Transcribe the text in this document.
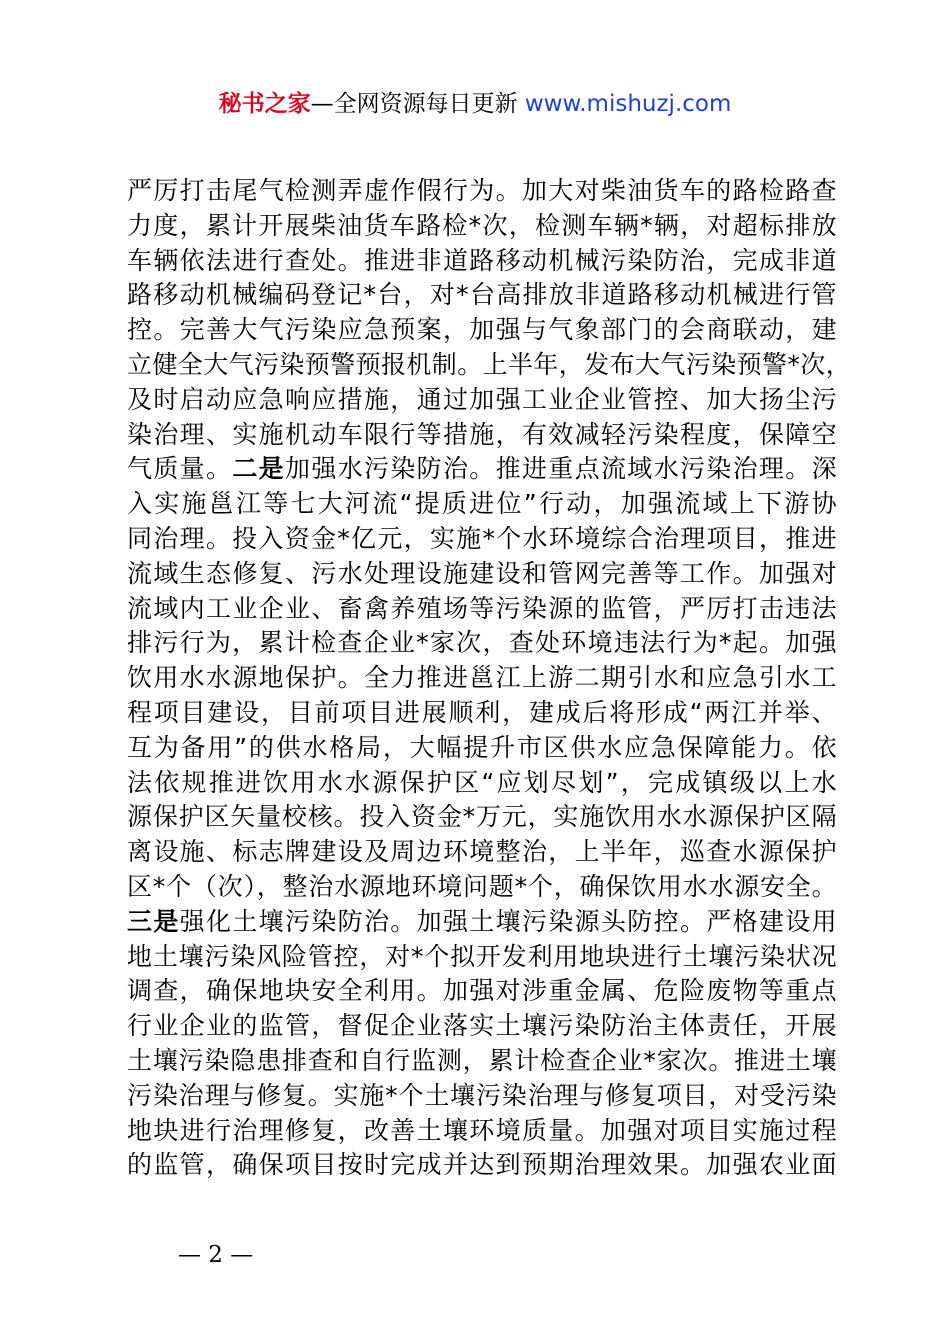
秘书之家—全网资源每日更新 www.mishuzj.com
严厉打击尾气检测弄虚作假行为。加大对柴油货车的路检路查
力度，累计开展柴油货车路检*次，检测车辆*辆，对超标排放
车辆依法进行查处。推进非道路移动机械污染防治，完成非道
路移动机械编码登记*台，对*台高排放非道路移动机械进行管
控。完善大气污染应急预案，加强与气象部门的会商联动，建
立健全大气污染预警预报机制。上半年，发布大气污染预警*次，
及时启动应急响应措施，通过加强工业企业管控、加大扬尘污
染治理、实施机动车限行等措施，有效减轻污染程度，保障空
气质量。二是加强水污染防治。推进重点流域水污染治理。深
入实施邕江等七大河流“提质进位”行动，加强流域上下游协
同治理。投入资金*亿元，实施*个水环境综合治理项目，推进
流域生态修复、污水处理设施建设和管网完善等工作。加强对
流域内工业企业、畜禽养殖场等污染源的监管，严厉打击违法
排污行为，累计检查企业*家次，查处环境违法行为*起。加强
饮用水水源地保护。全力推进邕江上游二期引水和应急引水工
程项目建设，目前项目进展顺利，建成后将形成“两江并举、
互为备用”的供水格局，大幅提升市区供水应急保障能力。依
法依规推进饮用水水源保护区“应划尽划”，完成镇级以上水
源保护区矢量校核。投入资金*万元，实施饮用水水源保护区隔
离设施、标志牌建设及周边环境整治，上半年，巡查水源保护
区*个（次），整治水源地环境问题*个，确保饮用水水源安全。
三是强化土壤污染防治。加强土壤污染源头防控。严格建设用
地土壤污染风险管控，对*个拟开发利用地块进行土壤污染状况
调查，确保地块安全利用。加强对涉重金属、危险废物等重点
行业企业的监管，督促企业落实土壤污染防治主体责任，开展
土壤污染隐患排查和自行监测，累计检查企业*家次。推进土壤
污染治理与修复。实施*个土壤污染治理与修复项目，对受污染
地块进行治理修复，改善土壤环境质量。加强对项目实施过程
的监管，确保项目按时完成并达到预期治理效果。加强农业面
— 2 —
